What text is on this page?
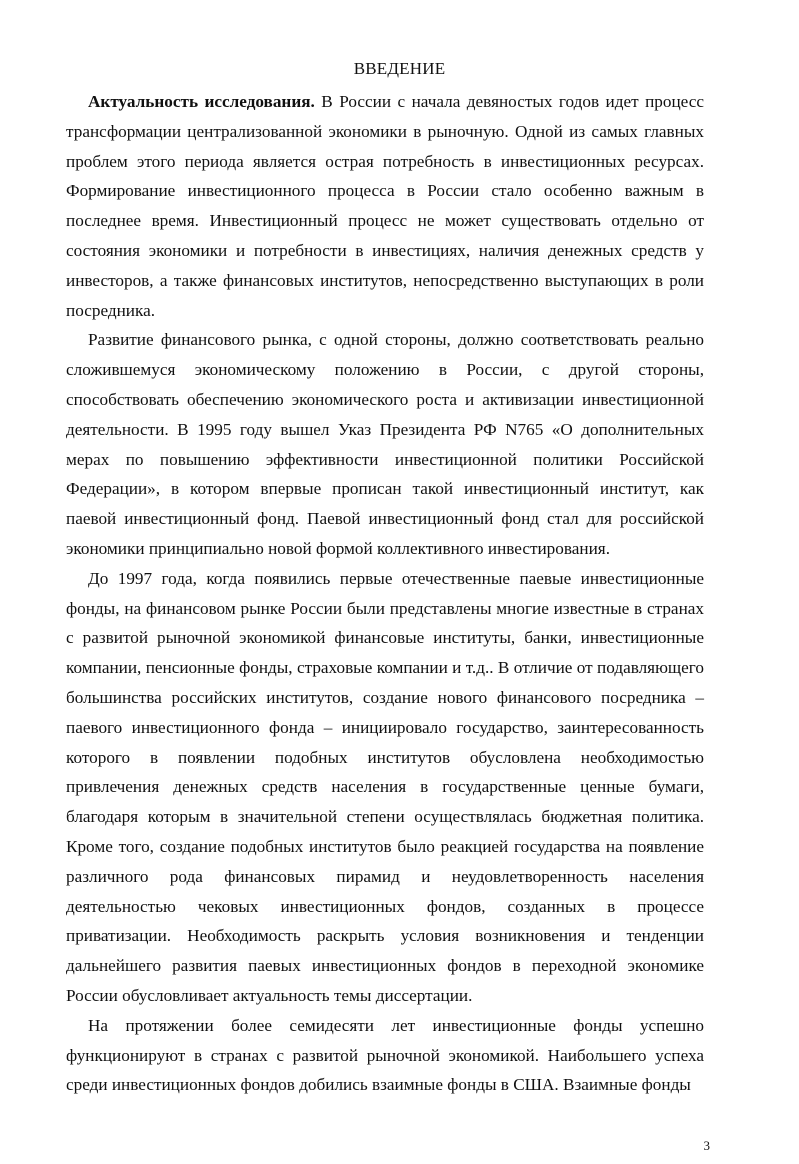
ВВЕДЕНИЕ

Актуальность исследования. В России с начала девяностых годов идет процесс трансформации централизованной экономики в рыночную. Одной из самых главных проблем этого периода является острая потребность в инвестиционных ресурсах. Формирование инвестиционного процесса в России стало особенно важным в последнее время. Инвестиционный процесс не может существовать отдельно от состояния экономики и потребности в инвестициях, наличия денежных средств у инвесторов, а также финансовых институтов, непосредственно выступающих в роли посредника.

Развитие финансового рынка, с одной стороны, должно соответствовать реально сложившемуся экономическому положению в России, с другой стороны, способствовать обеспечению экономического роста и активизации инвестиционной деятельности. В 1995 году вышел Указ Президента РФ N765 «О дополнительных мерах по повышению эффективности инвестиционной политики Российской Федерации», в котором впервые прописан такой инвестиционный институт, как паевой инвестиционный фонд. Паевой инвестиционный фонд стал для российской экономики принципиально новой формой коллективного инвестирования.

До 1997 года, когда появились первые отечественные паевые инвестиционные фонды, на финансовом рынке России были представлены многие известные в странах с развитой рыночной экономикой финансовые институты, банки, инвестиционные компании, пенсионные фонды, страховые компании и т.д.. В отличие от подавляющего большинства российских институтов, создание нового финансового посредника – паевого инвестиционного фонда – инициировало государство, заинтересованность которого в появлении подобных институтов обусловлена необходимостью привлечения денежных средств населения в государственные ценные бумаги, благодаря которым в значительной степени осуществлялась бюджетная политика. Кроме того, создание подобных институтов было реакцией государства на появление различного рода финансовых пирамид и неудовлетворенность населения деятельностью чековых инвестиционных фондов, созданных в процессе приватизации. Необходимость раскрыть условия возникновения и тенденции дальнейшего развития паевых инвестиционных фондов в переходной экономике России обусловливает актуальность темы диссертации.

На протяжении более семидесяти лет инвестиционные фонды успешно функционируют в странах с развитой рыночной экономикой. Наибольшего успеха среди инвестиционных фондов добились взаимные фонды в США. Взаимные фонды

3
